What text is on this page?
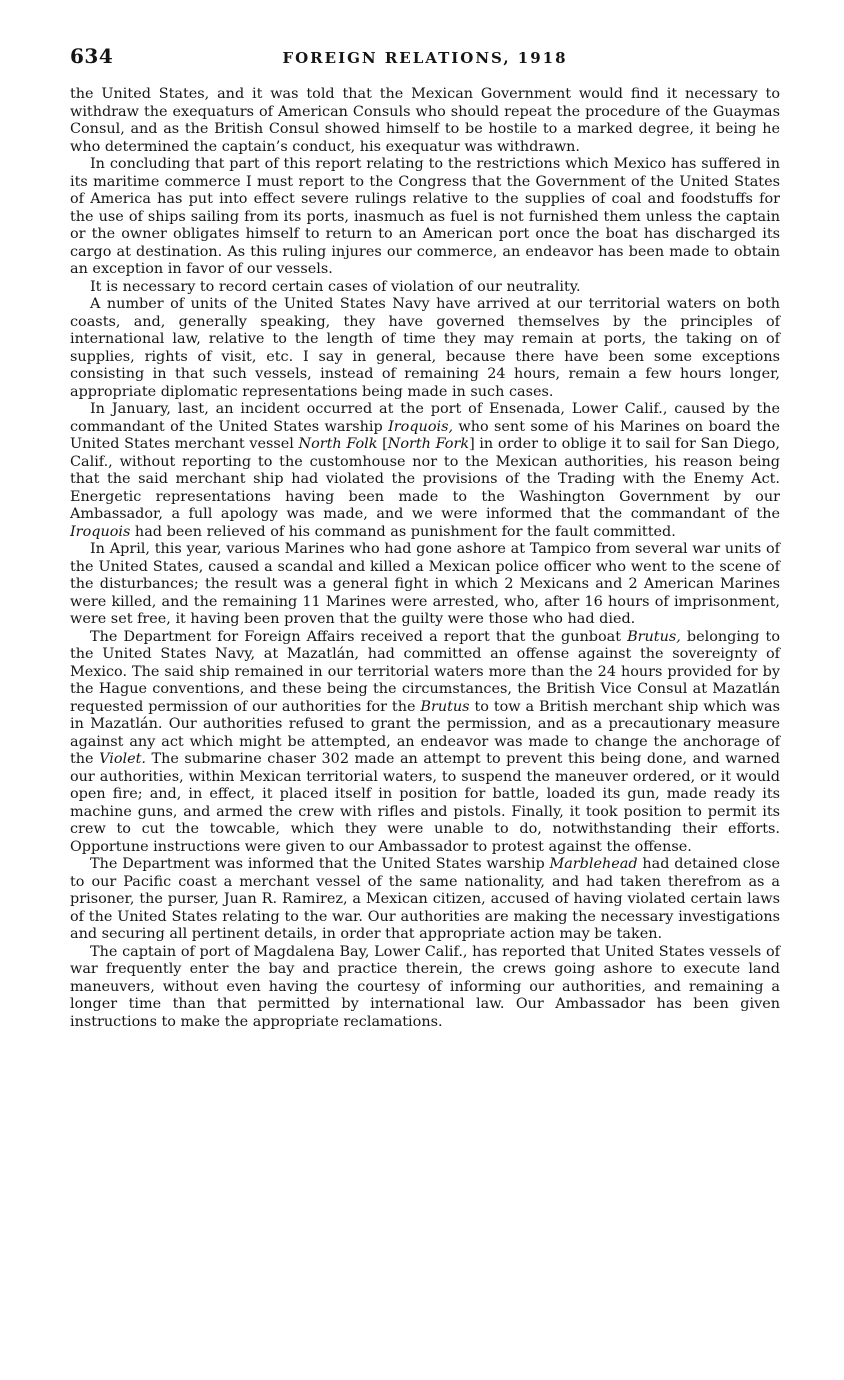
634	FOREIGN RELATIONS, 1918

the United States, and it was told that the Mexican Government would find it necessary to withdraw the exequaturs of American Consuls who should repeat the procedure of the Guaymas Consul, and as the British Consul showed himself to be hostile to a marked degree, it being he who determined the captain’s conduct, his exequatur was withdrawn.

In concluding that part of this report relating to the restrictions which Mexico has suffered in its maritime commerce I must report to the Congress that the Government of the United States of America has put into effect severe rulings relative to the supplies of coal and foodstuffs for the use of ships sailing from its ports, inasmuch as fuel is not furnished them unless the captain or the owner obligates himself to return to an American port once the boat has discharged its cargo at destination. As this ruling injures our commerce, an endeavor has been made to obtain an exception in favor of our vessels.

It is necessary to record certain cases of violation of our neutrality.

A number of units of the United States Navy have arrived at our territorial waters on both coasts, and, generally speaking, they have governed themselves by the principles of international law, relative to the length of time they may remain at ports, the taking on of supplies, rights of visit, etc. I say in general, because there have been some exceptions consisting in that such vessels, instead of remaining 24 hours, remain a few hours longer, appropriate diplomatic representations being made in such cases.

In January, last, an incident occurred at the port of Ensenada, Lower Calif., caused by the commandant of the United States warship Iroquois, who sent some of his Marines on board the United States merchant vessel North Folk [North Fork] in order to oblige it to sail for San Diego, Calif., without reporting to the customhouse nor to the Mexican authorities, his reason being that the said merchant ship had violated the provisions of the Trading with the Enemy Act. Energetic representations having been made to the Washington Government by our Ambassador, a full apology was made, and we were informed that the commandant of the Iroquois had been relieved of his command as punishment for the fault committed.

In April, this year, various Marines who had gone ashore at Tampico from several war units of the United States, caused a scandal and killed a Mexican police officer who went to the scene of the disturbances; the result was a general fight in which 2 Mexicans and 2 American Marines were killed, and the remaining 11 Marines were arrested, who, after 16 hours of imprisonment, were set free, it having been proven that the guilty were those who had died.

The Department for Foreign Affairs received a report that the gunboat Brutus, belonging to the United States Navy, at Mazatlán, had committed an offense against the sovereignty of Mexico. The said ship remained in our territorial waters more than the 24 hours provided for by the Hague conventions, and these being the circumstances, the British Vice Consul at Mazatlán requested permission of our authorities for the Brutus to tow a British merchant ship which was in Mazatlán. Our authorities refused to grant the permission, and as a precautionary measure against any act which might be attempted, an endeavor was made to change the anchorage of the Violet. The submarine chaser 302 made an attempt to prevent this being done, and warned our authorities, within Mexican territorial waters, to suspend the maneuver ordered, or it would open fire; and, in effect, it placed itself in position for battle, loaded its gun, made ready its machine guns, and armed the crew with rifles and pistols. Finally, it took position to permit its crew to cut the towcable, which they were unable to do, notwithstanding their efforts. Opportune instructions were given to our Ambassador to protest against the offense.

The Department was informed that the United States warship Marblehead had detained close to our Pacific coast a merchant vessel of the same nationality, and had taken therefrom as a prisoner, the purser, Juan R. Ramirez, a Mexican citizen, accused of having violated certain laws of the United States relating to the war. Our authorities are making the necessary investigations and securing all pertinent details, in order that appropriate action may be taken.

The captain of port of Magdalena Bay, Lower Calif., has reported that United States vessels of war frequently enter the bay and practice therein, the crews going ashore to execute land maneuvers, without even having the courtesy of informing our authorities, and remaining a longer time than that permitted by international law. Our Ambassador has been given instructions to make the appropriate reclamations.
